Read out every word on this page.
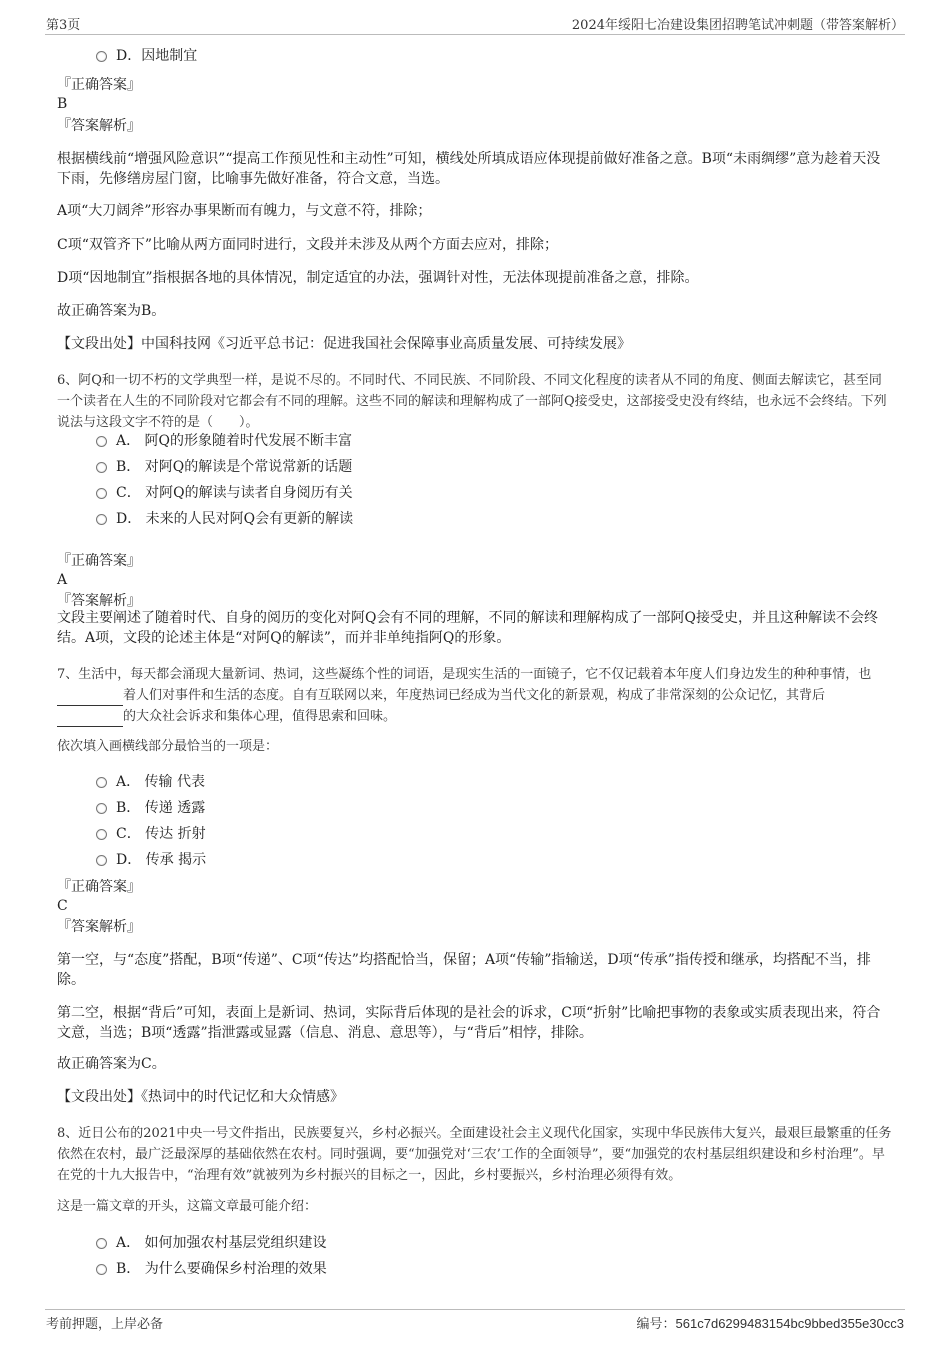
第3页	2024年绥阳七冶建设集团招聘笔试冲刺题（带答案解析）
D．因地制宜
『正确答案』
B
『答案解析』
根据横线前“增强风险意识”“提高工作预见性和主动性”可知，横线处所填成语应体现提前做好准备之意。B项“未雨绸缪”意为趁着天没下雨，先修缮房屋门窗，比喻事先做好准备，符合文意，当选。
A项“大刀阔斧”形容办事果断而有魄力，与文意不符，排除；
C项“双管齐下”比喻从两方面同时进行，文段并未涉及从两个方面去应对，排除；
D项“因地制宜”指根据各地的具体情况，制定适宜的办法，强调针对性，无法体现提前准备之意，排除。
故正确答案为B。
【文段出处】中国科技网《习近平总书记：促进我国社会保障事业高质量发展、可持续发展》
6、阿Q和一切不朽的文学典型一样，是说不尽的。不同时代、不同民族、不同阶段、不同文化程度的读者从不同的角度、侧面去解读它，甚至同一个读者在人生的不同阶段对它都会有不同的理解。这些不同的解读和理解构成了一部阿Q接受史，这部接受史没有终结，也永远不会终结。下列说法与这段文字不符的是（　　）。
A． 阿Q的形象随着时代发展不断丰富
B． 对阿Q的解读是个常说常新的话题
C． 对阿Q的解读与读者自身阅历有关
D． 未来的人民对阿Q会有更新的解读
『正确答案』
A
『答案解析』
文段主要阐述了随着时代、自身的阅历的变化对阿Q会有不同的理解，不同的解读和理解构成了一部阿Q接受史，并且这种解读不会终结。A项，文段的论述主体是“对阿Q的解读”，而并非单纯指阿Q的形象。
7、生活中，每天都会涌现大量新词、热词，这些凝练个性的词语，是现实生活的一面镜子，它不仅记载着本年度人们身边发生的种种事情，也
着人们对事件和生活的态度。自有互联网以来，年度热词已经成为当代文化的新景观，构成了非常深刻的公众记忆，其背后
的大众社会诉求和集体心理，值得思索和回味。
依次填入画横线部分最恰当的一项是：
A． 传输 代表
B． 传递 透露
C． 传达 折射
D． 传承 揭示
『正确答案』
C
『答案解析』
第一空，与“态度”搭配，B项“传递”、C项“传达”均搭配恰当，保留；A项“传输”指输送，D项“传承”指传授和继承，均搭配不当，排除。
第二空，根据“背后”可知，表面上是新词、热词，实际背后体现的是社会的诉求，C项“折射”比喻把事物的表象或实质表现出来，符合文意，当选；B项“透露”指泄露或显露（信息、消息、意思等），与“背后”相悖，排除。
故正确答案为C。
【文段出处】《热词中的时代记忆和大众情感》
8、近日公布的2021中央一号文件指出，民族要复兴，乡村必振兴。全面建设社会主义现代化国家，实现中华民族伟大复兴，最艰巨最繁重的任务依然在农村，最广泛最深厚的基础依然在农村。同时强调，要“加强党对‘三农’工作的全面领导”，要“加强党的农村基层组织建设和乡村治理”。早在党的十九大报告中，“治理有效”就被列为乡村振兴的目标之一，因此，乡村要振兴，乡村治理必须得有效。
这是一篇文章的开头，这篇文章最可能介绍：
A． 如何加强农村基层党组织建设
B． 为什么要确保乡村治理的效果
考前押题，上岸必备	编号：561c7d6299483154bc9bbed355e30cc3
